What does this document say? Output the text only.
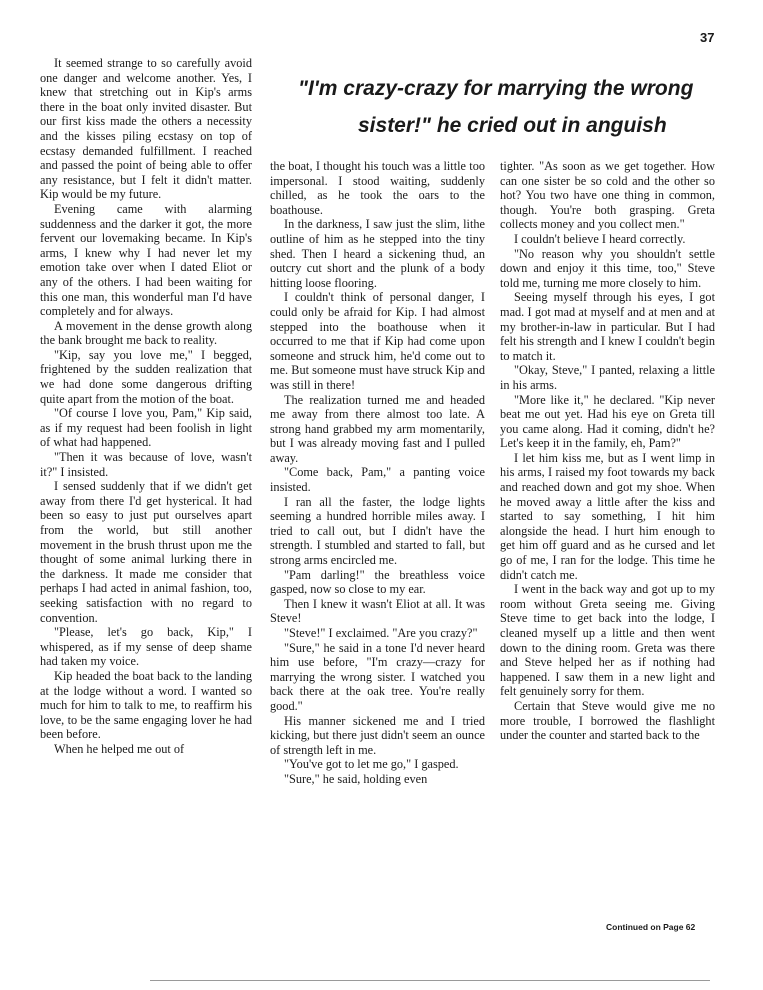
37
"I'm crazy-crazy for marrying the wrong
sister!" he cried out in anguish

It seemed strange to so carefully avoid one danger and welcome another. Yes, I knew that stretching out in Kip's arms there in the boat only invited disaster. But our first kiss made the others a necessity and the kisses piling ecstasy on top of ecstasy demanded fulfillment. I reached and passed the point of being able to offer any resistance, but I felt it didn't matter. Kip would be my future.

Evening came with alarming suddenness and the darker it got, the more fervent our lovemaking became. In Kip's arms, I knew why I had never let my emotion take over when I dated Eliot or any of the others. I had been waiting for this one man, this wonderful man I'd have completely and for always.

A movement in the dense growth along the bank brought me back to reality.

"Kip, say you love me," I begged, frightened by the sudden realization that we had done some dangerous drifting quite apart from the motion of the boat.

"Of course I love you, Pam," Kip said, as if my request had been foolish in light of what had happened.

"Then it was because of love, wasn't it?" I insisted.

I sensed suddenly that if we didn't get away from there I'd get hysterical. It had been so easy to just put ourselves apart from the world, but still another movement in the brush thrust upon me the thought of some animal lurking there in the darkness. It made me consider that perhaps I had acted in animal fashion, too, seeking satisfaction with no regard to convention.

"Please, let's go back, Kip," I whispered, as if my sense of deep shame had taken my voice.

Kip headed the boat back to the landing at the lodge without a word. I wanted so much for him to talk to me, to reaffirm his love, to be the same engaging lover he had been before.

When he helped me out of

the boat, I thought his touch was a little too impersonal. I stood waiting, suddenly chilled, as he took the oars to the boathouse.

In the darkness, I saw just the slim, lithe outline of him as he stepped into the tiny shed. Then I heard a sickening thud, an outcry cut short and the plunk of a body hitting loose flooring.

I couldn't think of personal danger, I could only be afraid for Kip. I had almost stepped into the boathouse when it occurred to me that if Kip had come upon someone and struck him, he'd come out to me. But someone must have struck Kip and was still in there!

The realization turned me and headed me away from there almost too late. A strong hand grabbed my arm momentarily, but I was already moving fast and I pulled away.

"Come back, Pam," a panting voice insisted.

I ran all the faster, the lodge lights seeming a hundred horrible miles away. I tried to call out, but I didn't have the strength. I stumbled and started to fall, but strong arms encircled me.

"Pam darling!" the breathless voice gasped, now so close to my ear.

Then I knew it wasn't Eliot at all. It was Steve!

"Steve!" I exclaimed. "Are you crazy?"

"Sure," he said in a tone I'd never heard him use before, "I'm crazy—crazy for marrying the wrong sister. I watched you back there at the oak tree. You're really good."

His manner sickened me and I tried kicking, but there just didn't seem an ounce of strength left in me.

"You've got to let me go," I gasped.

"Sure," he said, holding even

tighter. "As soon as we get together. How can one sister be so cold and the other so hot? You two have one thing in common, though. You're both grasping. Greta collects money and you collect men."

I couldn't believe I heard correctly.

"No reason why you shouldn't settle down and enjoy it this time, too," Steve told me, turning me more closely to him.

Seeing myself through his eyes, I got mad. I got mad at myself and at men and at my brother-in-law in particular. But I had felt his strength and I knew I couldn't begin to match it.

"Okay, Steve," I panted, relaxing a little in his arms.

"More like it," he declared. "Kip never beat me out yet. Had his eye on Greta till you came along. Had it coming, didn't he? Let's keep it in the family, eh, Pam?"

I let him kiss me, but as I went limp in his arms, I raised my foot towards my back and reached down and got my shoe. When he moved away a little after the kiss and started to say something, I hit him alongside the head. I hurt him enough to get him off guard and as he cursed and let go of me, I ran for the lodge. This time he didn't catch me.

I went in the back way and got up to my room without Greta seeing me. Giving Steve time to get back into the lodge, I cleaned myself up a little and then went down to the dining room. Greta was there and Steve helped her as if nothing had happened. I saw them in a new light and felt genuinely sorry for them.

Certain that Steve would give me no more trouble, I borrowed the flashlight under the counter and started back to the

Continued on Page 62
